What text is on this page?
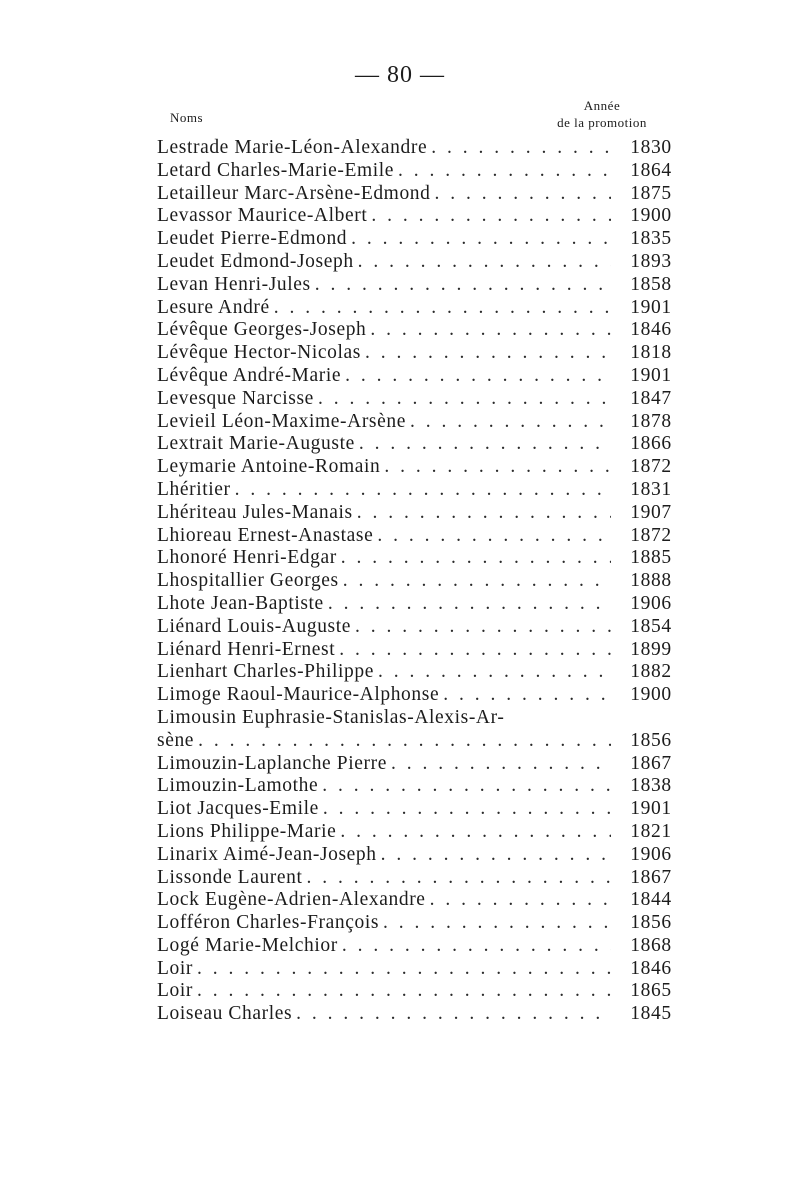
— 80 —
Noms
Année
de la promotion
Lestrade Marie-Léon-Alexandre . . .	1830
Letard Charles-Marie-Emile . . .	1864
Letailleur Marc-Arsène-Edmond . . .	1875
Levassor Maurice-Albert . . .	1900
Leudet Pierre-Edmond . . .	1835
Leudet Edmond-Joseph . . .	1893
Levan Henri-Jules . . .	1858
Lesure André . . .	1901
Lévêque Georges-Joseph . . .	1846
Lévêque Hector-Nicolas . . .	1818
Lévêque André-Marie . . .	1901
Levesque Narcisse . . .	1847
Levieil Léon-Maxime-Arsène . . .	1878
Lextrait Marie-Auguste . . .	1866
Leymarie Antoine-Romain . . .	1872
Lhéritier . . .	1831
Lhériteau Jules-Manais . . .	1907
Lhioreau Ernest-Anastase . . .	1872
Lhonoré Henri-Edgar . . .	1885
Lhospitallier Georges . . .	1888
Lhote Jean-Baptiste . . .	1906
Liénard Louis-Auguste . . .	1854
Liénard Henri-Ernest . . .	1899
Lienhart Charles-Philippe . . .	1882
Limoge Raoul-Maurice-Alphonse . . .	1900
Limousin Euphrasie-Stanislas-Alexis-Ar-
sène . . .	1856
Limouzin-Laplanche Pierre . . .	1867
Limouzin-Lamothe . . .	1838
Liot Jacques-Emile . . .	1901
Lions Philippe-Marie . . .	1821
Linarix Aimé-Jean-Joseph . . .	1906
Lissonde Laurent . . .	1867
Lock Eugène-Adrien-Alexandre . . .	1844
Lofféron Charles-François . . .	1856
Logé Marie-Melchior . . .	1868
Loir . . .	1846
Loir . . .	1865
Loiseau Charles . . .	1845
